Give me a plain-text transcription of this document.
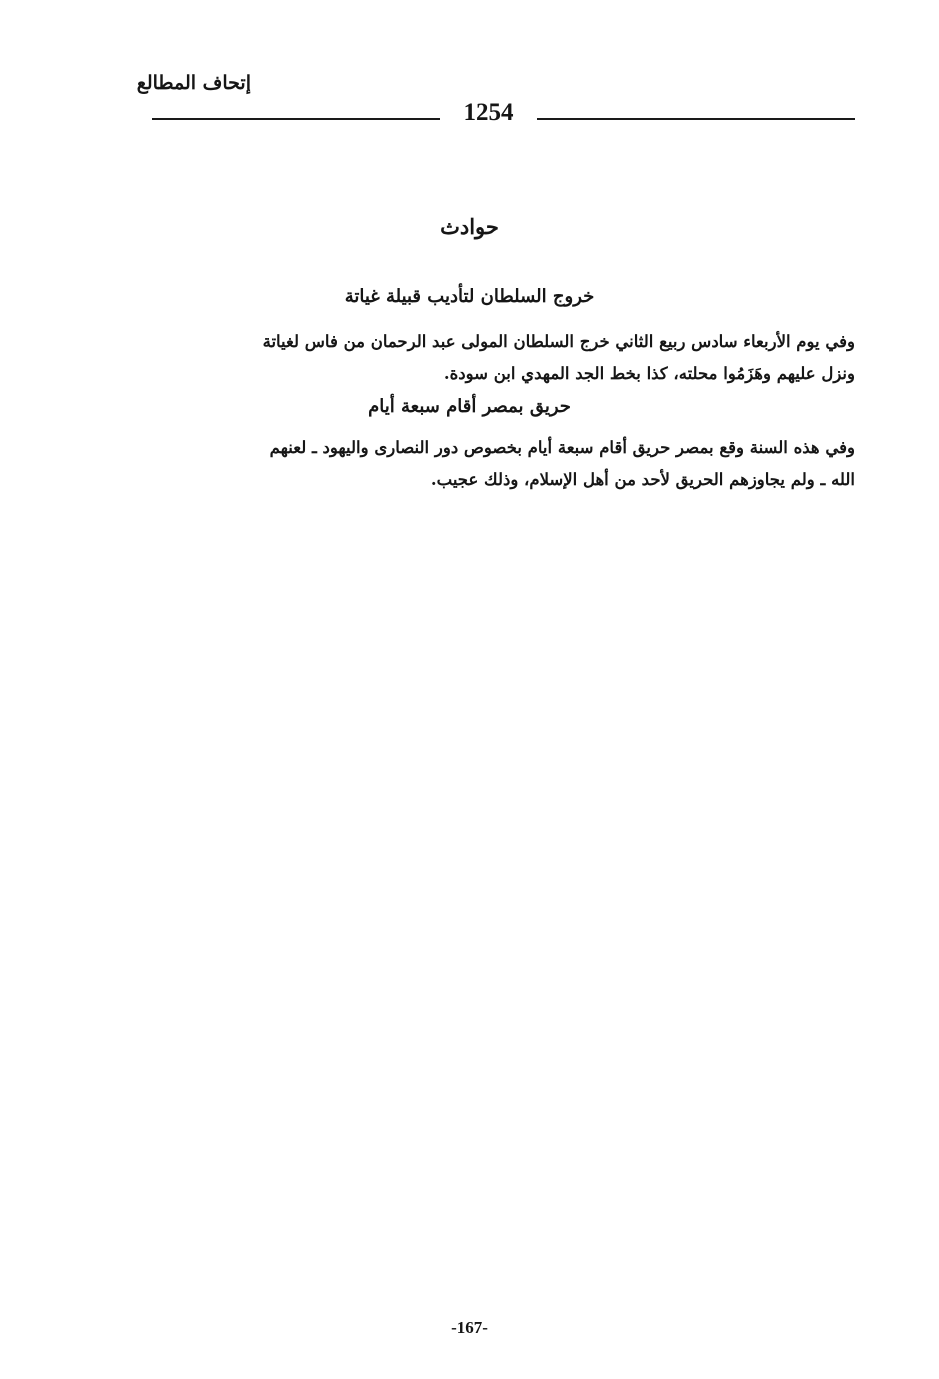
إتحاف المطالع
1254
حوادث
خروج السلطان لتأديب قبيلة غياتة

وفي يوم الأربعاء سادس ربيع الثاني خرج السلطان المولى عبد الرحمان من فاس لغياتة
ونزل عليهم وهَزَمُوا محلته، كذا بخط الجد المهدي ابن سودة.

حريق بمصر أقام سبعة أيام

وفي هذه السنة وقع بمصر حريق أقام سبعة أيام بخصوص دور النصارى واليهود ـ لعنهم
الله ـ ولم يجاوزهم الحريق لأحد من أهل الإسلام، وذلك عجيب.

-167-
